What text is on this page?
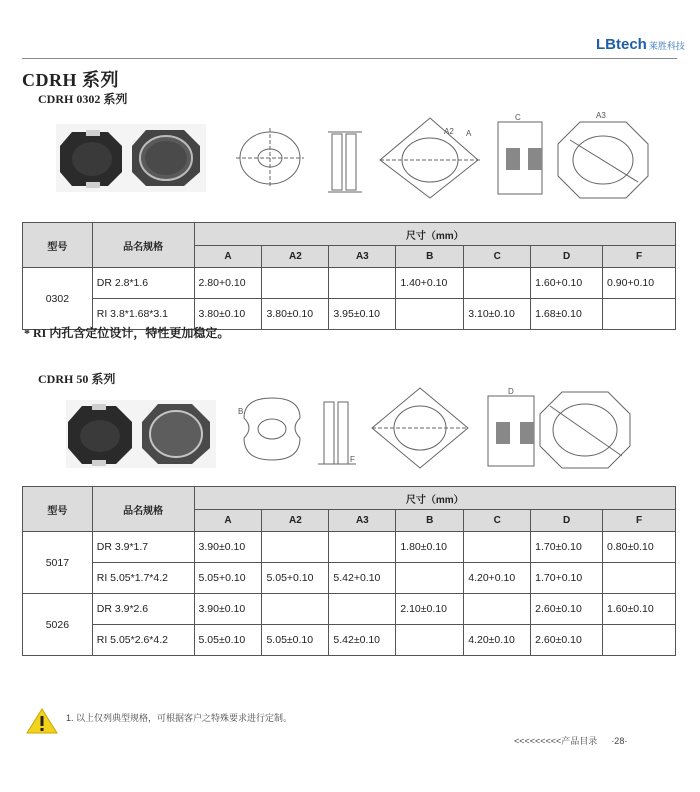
LBtech 莱胜科技
CDRH 系列
CDRH 0302 系列
A2 A
C	A3
型号	品名规格	尺寸（mm）						
		A	A2	A3	B	C	D	F
0302	DR 2.8*1.6	2.80+0.10			1.40+0.10		1.60+0.10	0.90+0.10
	RI 3.8*1.68*3.1	3.80±0.10	3.80±0.10	3.95±0.10		3.10±0.10	1.68±0.10	
* RI 内孔含定位设计，特性更加稳定。
CDRH 50 系列
B
F
D
型号	品名规格	尺寸（mm）						
		A	A2	A3	B	C	D	F
5017	DR 3.9*1.7	3.90±0.10			1.80±0.10		1.70±0.10	0.80±0.10
	RI 5.05*1.7*4.2	5.05+0.10	5.05+0.10	5.42+0.10		4.20+0.10	1.70+0.10	
5026	DR 3.9*2.6	3.90±0.10			2.10±0.10		2.60±0.10	1.60±0.10
	RI 5.05*2.6*4.2	5.05±0.10	5.05±0.10	5.42±0.10		4.20±0.10	2.60±0.10	
1. 以上仅列典型规格，可根据客户之特殊要求进行定制。
<<<<<<<<<产品目录 ·28·
